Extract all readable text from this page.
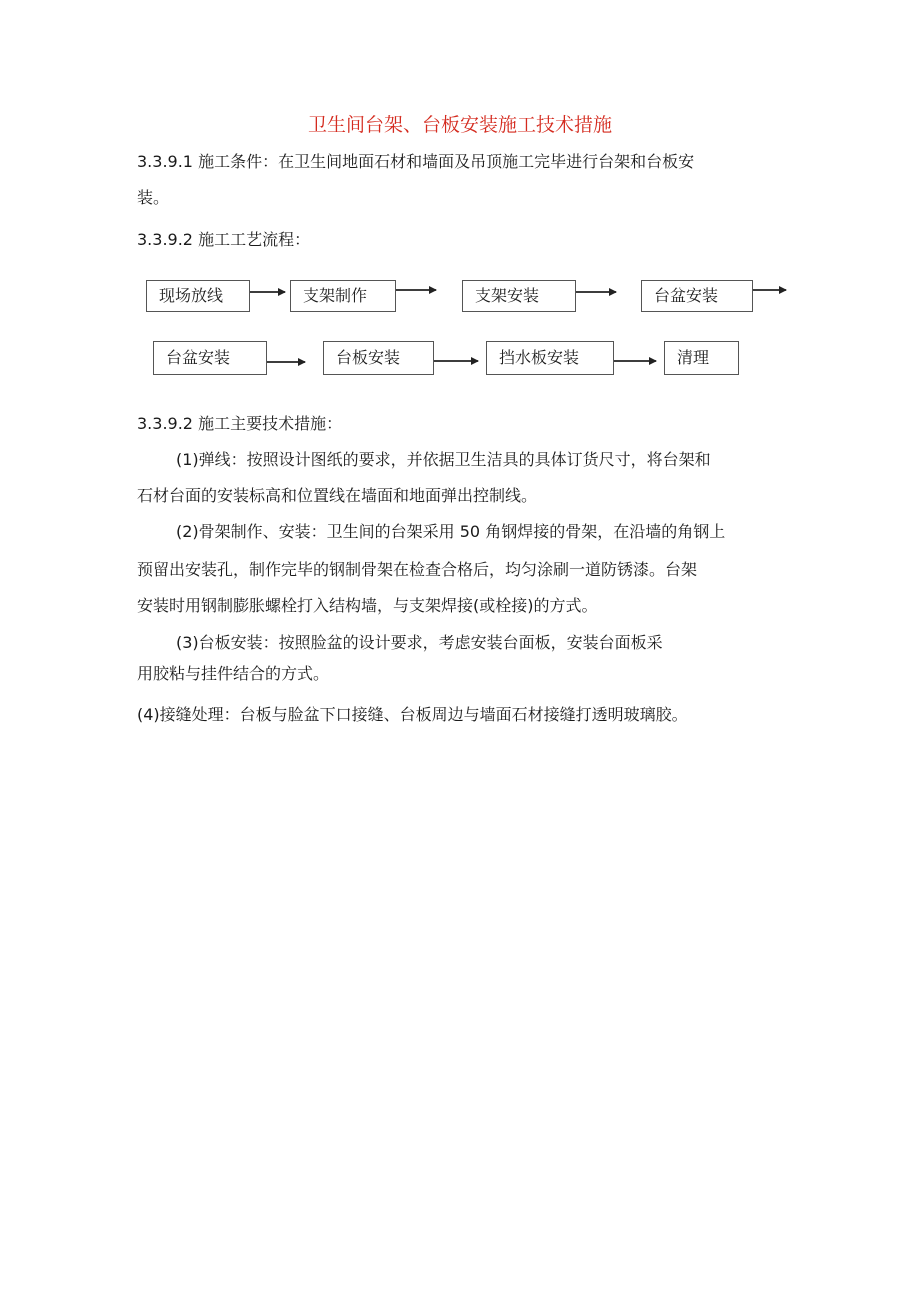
卫生间台架、台板安装施工技术措施
3.3.9.1 施工条件：在卫生间地面石材和墙面及吊顶施工完毕进行台架和台板安
装。
3.3.9.2 施工工艺流程：
现场放线	支架制作	支架安装	台盆安装
台盆安装	台板安装	挡水板安装	清理
3.3.9.2 施工主要技术措施：
(1)弹线：按照设计图纸的要求，并依据卫生洁具的具体订货尺寸，将台架和
石材台面的安装标高和位置线在墙面和地面弹出控制线。
(2)骨架制作、安装：卫生间的台架采用 50 角钢焊接的骨架，在沿墙的角钢上
预留出安装孔，制作完毕的钢制骨架在检查合格后，均匀涂刷一道防锈漆。台架
安装时用钢制膨胀螺栓打入结构墙，与支架焊接(或栓接)的方式。
(3)台板安装：按照脸盆的设计要求，考虑安装台面板，安装台面板采
用胶粘与挂件结合的方式。
(4)接缝处理：台板与脸盆下口接缝、台板周边与墙面石材接缝打透明玻璃胶。
